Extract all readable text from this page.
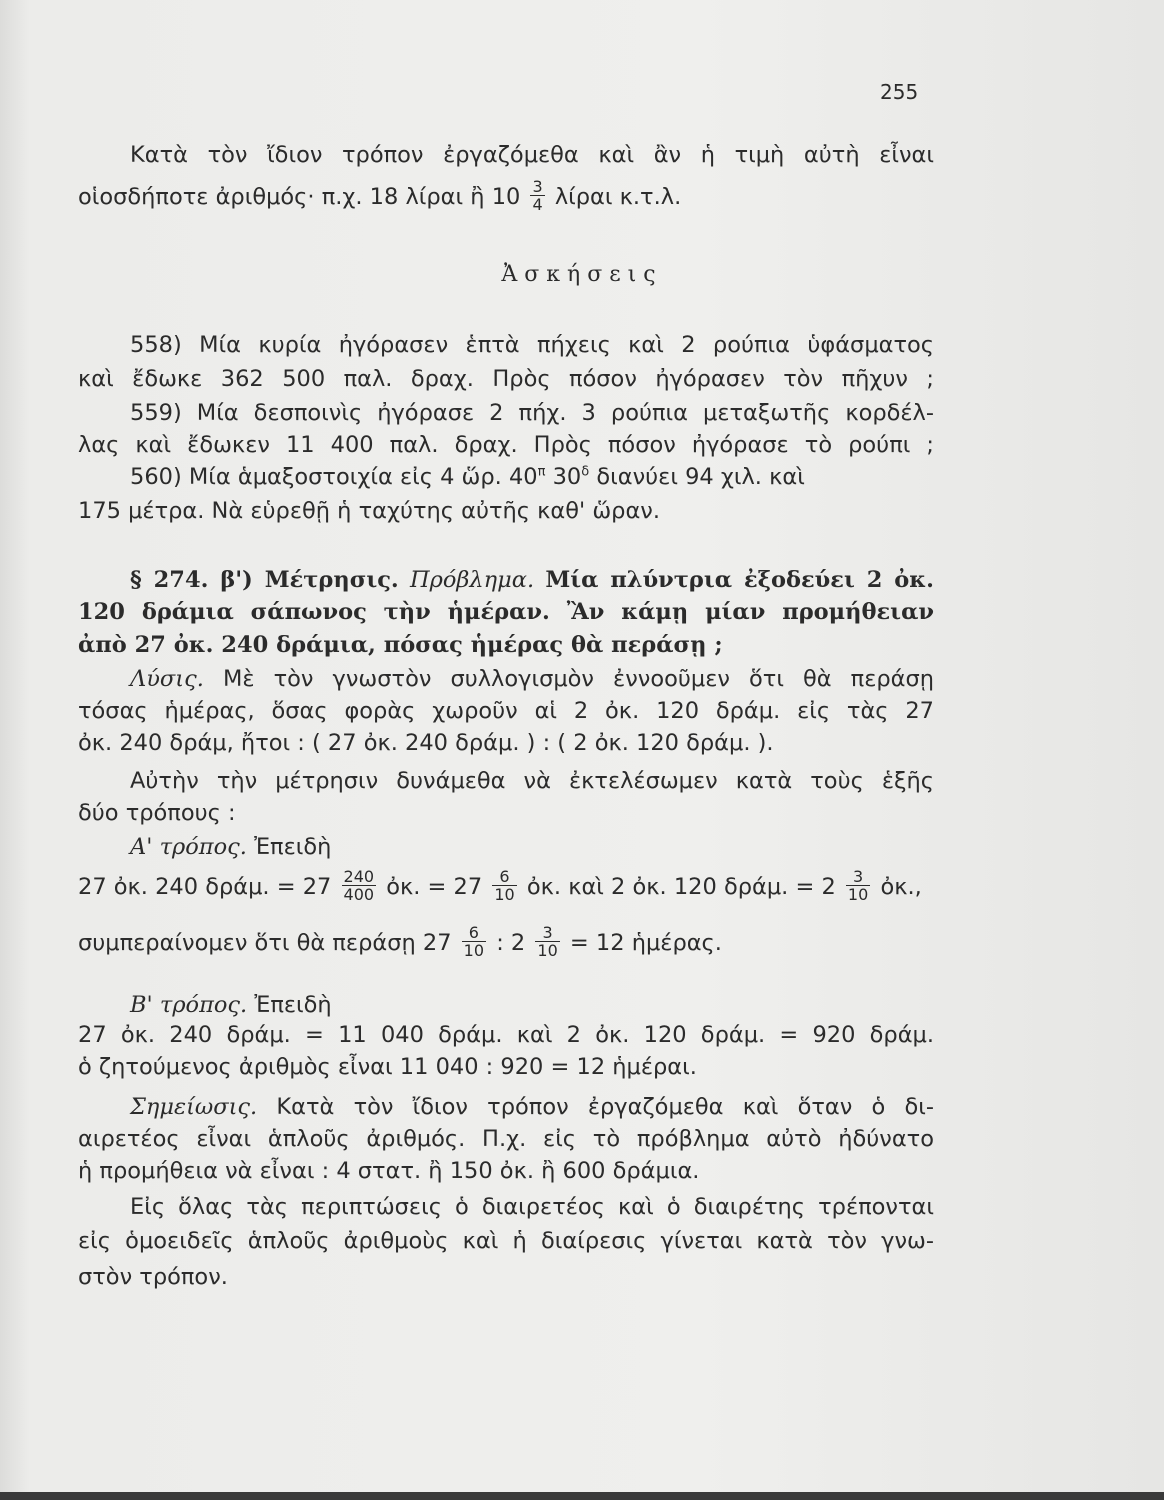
255
Κατὰ τὸν ἴδιον τρόπον ἐργαζόμεθα καὶ ἂν ἡ τιμὴ αὐτὴ εἶναι
οἱοσδήποτε ἀριθμός· π.χ. 18 λίραι ἢ $10 \frac{3}{4}$ λίραι κ.τ.λ.
Ἀσκήσεις
558) Μία κυρία ἠγόρασεν ἑπτὰ πήχεις καὶ 2 ρούπια ὑφάσματος
καὶ ἔδωκε 362 500 παλ. δραχ. Πρὸς πόσον ἠγόρασεν τὸν πῆχυν ;
559) Μία δεσποινὶς ἠγόρασε 2 πήχ. 3 ρούπια μεταξωτῆς κορδέλ-
λας καὶ ἔδωκεν 11 400 παλ. δραχ. Πρὸς πόσον ἠγόρασε τὸ ρούπι ;
560) Μία ἁμαξοστοιχία εἰς 4 ὥρ. $40^\pi$ $30^\delta$ διανύει 94 χιλ. καὶ
175 μέτρα. Νὰ εὑρεθῇ ἡ ταχύτης αὐτῆς καθ' ὥραν.
§ 274. β') Μέτρησις. Πρόβλημα. Μία πλύντρια ἐξοδεύει 2 ὀκ.
120 δράμια σάπωνος τὴν ἡμέραν. Ἂν κάμῃ μίαν προμήθειαν
ἀπὸ 27 ὀκ. 240 δράμια, πόσας ἡμέρας θὰ περάσῃ ;
Λύσις. Μὲ τὸν γνωστὸν συλλογισμὸν ἐννοοῦμεν ὅτι θὰ περάσῃ
τόσας ἡμέρας, ὅσας φορὰς χωροῦν αἱ 2 ὀκ. 120 δράμ. εἰς τὰς 27
ὀκ. 240 δράμ, ἤτοι : ( 27 ὀκ. 240 δράμ. ) : ( 2 ὀκ. 120 δράμ. ).
Αὐτὴν τὴν μέτρησιν δυνάμεθα νὰ ἐκτελέσωμεν κατὰ τοὺς ἑξῆς
δύο τρόπους :
Α' τρόπος. Ἐπειδὴ
27 ὀκ. 240 δράμ. = $27 \frac{240}{400}$ ὀκ. = $27 \frac{6}{10}$ ὀκ. καὶ 2 ὀκ. 120 δράμ. = $2 \frac{3}{10}$ ὀκ.,
συμπεραίνομεν ὅτι θὰ περάσῃ $27 \frac{6}{10}$ : $2 \frac{3}{10} = 12$ ἡμέρας.
Β' τρόπος. Ἐπειδὴ
27 ὀκ. 240 δράμ. = 11 040 δράμ. καὶ 2 ὀκ. 120 δράμ. = 920 δράμ.
ὁ ζητούμενος ἀριθμὸς εἶναι 11 040 : 920 = 12 ἡμέραι.
Σημείωσις. Κατὰ τὸν ἴδιον τρόπον ἐργαζόμεθα καὶ ὅταν ὁ δι-
αιρετέος εἶναι ἁπλοῦς ἀριθμός. Π.χ. εἰς τὸ πρόβλημα αὐτὸ ἠδύνατο
ἡ προμήθεια νὰ εἶναι : 4 στατ. ἢ 150 ὀκ. ἢ 600 δράμια.
Εἰς ὅλας τὰς περιπτώσεις ὁ διαιρετέος καὶ ὁ διαιρέτης τρέπονται
εἰς ὁμοειδεῖς ἁπλοῦς ἀριθμοὺς καὶ ἡ διαίρεσις γίνεται κατὰ τὸν γνω-
στὸν τρόπον.
